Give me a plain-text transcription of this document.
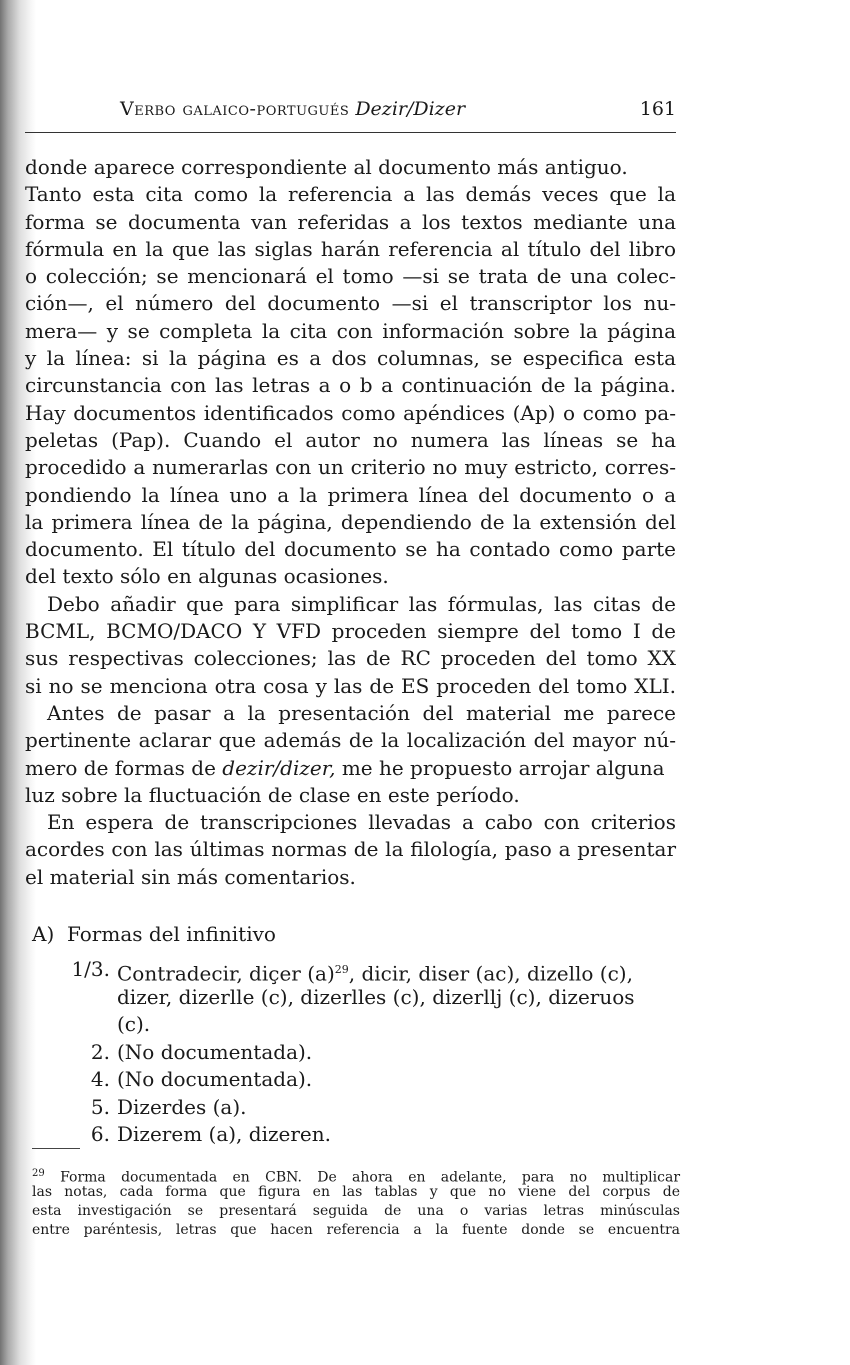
Verbo galaico-portugués Dezir/Dizer	161
donde aparece correspondiente al documento más antiguo.
Tanto esta cita como la referencia a las demás veces que la
forma se documenta van referidas a los textos mediante una
fórmula en la que las siglas harán referencia al título del libro
o colección; se mencionará el tomo —si se trata de una colec-
ción—, el número del documento —si el transcriptor los nu-
mera— y se completa la cita con información sobre la página
y la línea: si la página es a dos columnas, se especifica esta
circunstancia con las letras a o b a continuación de la página.
Hay documentos identificados como apéndices (Ap) o como pa-
peletas (Pap). Cuando el autor no numera las líneas se ha
procedido a numerarlas con un criterio no muy estricto, corres-
pondiendo la línea uno a la primera línea del documento o a
la primera línea de la página, dependiendo de la extensión del
documento. El título del documento se ha contado como parte
del texto sólo en algunas ocasiones.
Debo añadir que para simplificar las fórmulas, las citas de
BCML, BCMO/DACO Y VFD proceden siempre del tomo I de
sus respectivas colecciones; las de RC proceden del tomo XX
si no se menciona otra cosa y las de ES proceden del tomo XLI.
Antes de pasar a la presentación del material me parece
pertinente aclarar que además de la localización del mayor nú-
mero de formas de dezir/dizer, me he propuesto arrojar alguna
luz sobre la fluctuación de clase en este período.
En espera de transcripciones llevadas a cabo con criterios
acordes con las últimas normas de la filología, paso a presentar
el material sin más comentarios.
A) Formas del infinitivo
1/3. Contradecir, diçer $(a)^{29}$, dicir, diser (ac), dizello (c),
dizer, dizerlle (c), dizerlles (c), dizerllj (c), dizeruos
(c).
2. (No documentada).
4. (No documentada).
5. Dizerdes (a).
6. Dizerem (a), dizeren.
$^{29}$ Forma documentada en CBN. De ahora en adelante, para no multiplicar
las notas, cada forma que figura en las tablas y que no viene del corpus de
esta investigación se presentará seguida de una o varias letras minúsculas
entre paréntesis, letras que hacen referencia a la fuente donde se encuentra
